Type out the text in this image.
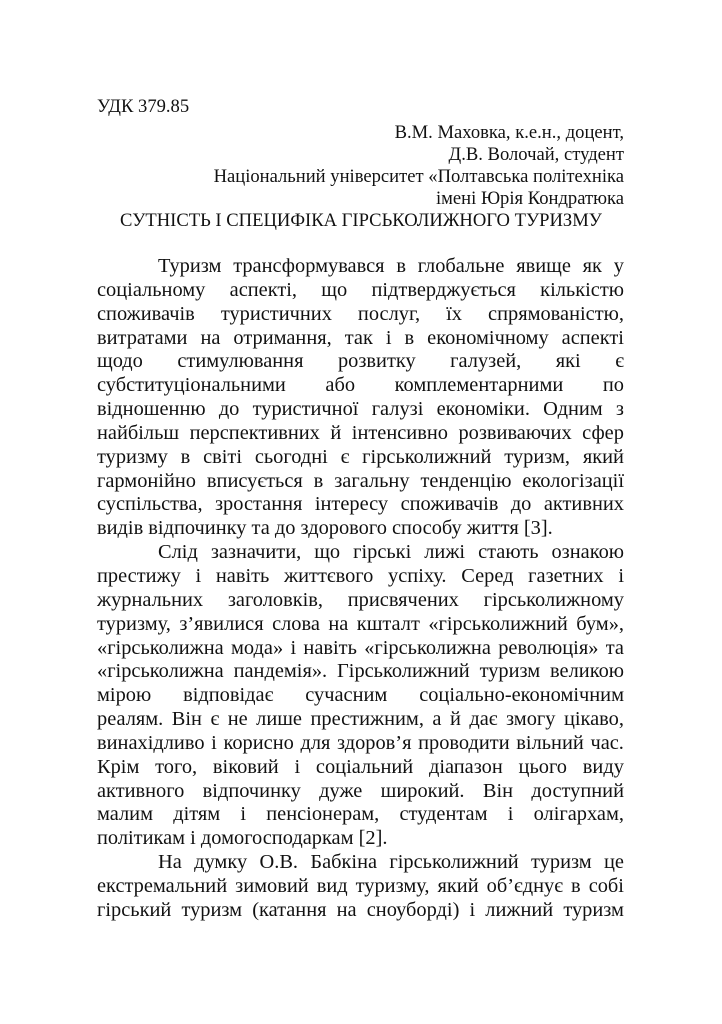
УДК 379.85
В.М. Маховка, к.е.н., доцент,
Д.В. Волочай, студент
Національний університет «Полтавська політехніка
імені Юрія Кондратюка
СУТНІСТЬ І СПЕЦИФІКА ГІРСЬКОЛИЖНОГО ТУРИЗМУ
Туризм трансформувався в глобальне явище як у
соціальному аспекті, що підтверджується кількістю
споживачів туристичних послуг, їх спрямованістю,
витратами на отримання, так і в економічному аспекті
щодо стимулювання розвитку галузей, які є
субституціональними або комплементарними по
відношенню до туристичної галузі економіки. Одним з
найбільш перспективних й інтенсивно розвиваючих сфер
туризму в світі сьогодні є гірськолижний туризм, який
гармонійно вписується в загальну тенденцію екологізації
суспільства, зростання інтересу споживачів до активних
видів відпочинку та до здорового способу життя [3].
Слід зазначити, що гірські лижі стають ознакою
престижу і навіть життєвого успіху. Серед газетних і
журнальних заголовків, присвячених гірськолижному
туризму, з’явилися слова на кшталт «гірськолижний бум»,
«гірськолижна мода» і навіть «гірськолижна революція» та
«гірськолижна пандемія». Гірськолижний туризм великою
мірою відповідає сучасним соціально-економічним
реалям. Він є не лише престижним, а й дає змогу цікаво,
винахідливо і корисно для здоров’я проводити вільний час.
Крім того, віковий і соціальний діапазон цього виду
активного відпочинку дуже широкий. Він доступний
малим дітям і пенсіонерам, студентам і олігархам,
політикам і домогосподаркам [2].
На думку О.В. Бабкіна гірськолижний туризм це
екстремальний зимовий вид туризму, який об’єднує в собі
гірський туризм (катання на сноуборді) і лижний туризм
